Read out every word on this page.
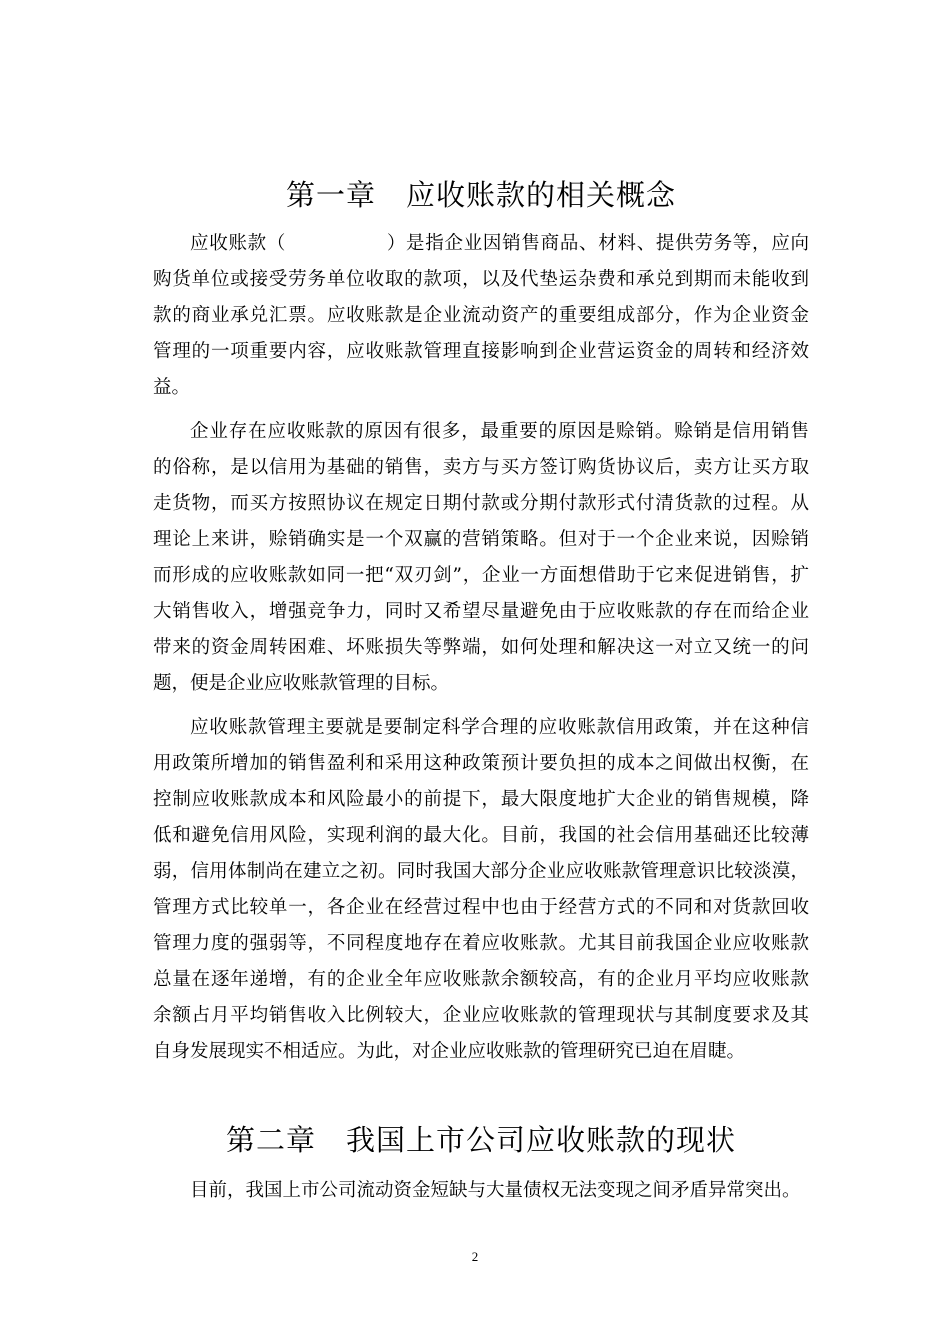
第一章 应收账款的相关概念
应收账款（	）是指企业因销售商品、材料、提供劳务等，应向
购货单位或接受劳务单位收取的款项，以及代垫运杂费和承兑到期而未能收到
款的商业承兑汇票。应收账款是企业流动资产的重要组成部分，作为企业资金
管理的一项重要内容，应收账款管理直接影响到企业营运资金的周转和经济效
益。
企业存在应收账款的原因有很多，最重要的原因是赊销。赊销是信用销售
的俗称，是以信用为基础的销售，卖方与买方签订购货协议后，卖方让买方取
走货物，而买方按照协议在规定日期付款或分期付款形式付清货款的过程。从
理论上来讲，赊销确实是一个双赢的营销策略。但对于一个企业来说，因赊销
而形成的应收账款如同一把“双刃剑”，企业一方面想借助于它来促进销售，扩
大销售收入，增强竞争力，同时又希望尽量避免由于应收账款的存在而给企业
带来的资金周转困难、坏账损失等弊端，如何处理和解决这一对立又统一的问
题，便是企业应收账款管理的目标。
应收账款管理主要就是要制定科学合理的应收账款信用政策，并在这种信
用政策所增加的销售盈利和采用这种政策预计要负担的成本之间做出权衡，在
控制应收账款成本和风险最小的前提下，最大限度地扩大企业的销售规模，降
低和避免信用风险，实现利润的最大化。目前，我国的社会信用基础还比较薄
弱，信用体制尚在建立之初。同时我国大部分企业应收账款管理意识比较淡漠，
管理方式比较单一，各企业在经营过程中也由于经营方式的不同和对货款回收
管理力度的强弱等，不同程度地存在着应收账款。尤其目前我国企业应收账款
总量在逐年递增，有的企业全年应收账款余额较高，有的企业月平均应收账款
余额占月平均销售收入比例较大，企业应收账款的管理现状与其制度要求及其
自身发展现实不相适应。为此，对企业应收账款的管理研究已迫在眉睫。
第二章 我国上市公司应收账款的现状
目前，我国上市公司流动资金短缺与大量债权无法变现之间矛盾异常突出。
2
